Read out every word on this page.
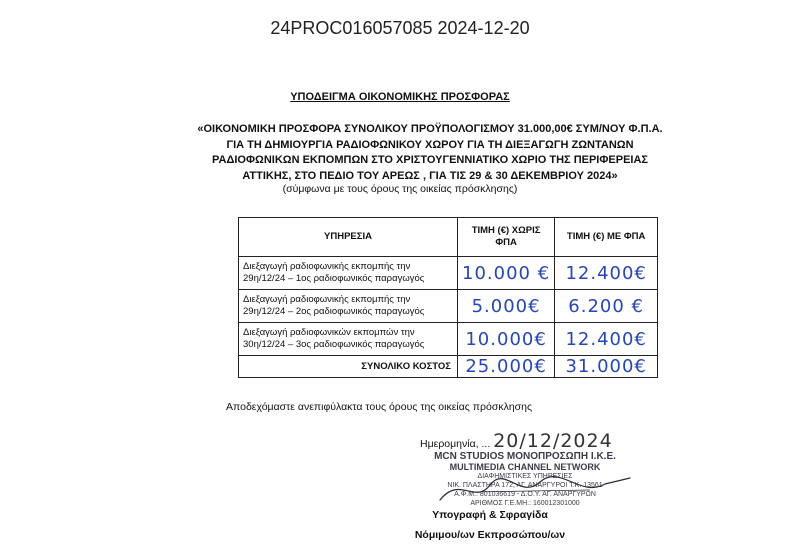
24PROC016057085 2024-12-20
ΥΠΟΔΕΙΓΜΑ ΟΙΚΟΝΟΜΙΚΗΣ ΠΡΟΣΦΟΡΑΣ
«ΟΙΚΟΝΟΜΙΚΗ ΠΡΟΣΦΟΡΑ ΣΥΝΟΛΙΚΟΥ ΠΡΟΫΠΟΛΟΓΙΣΜΟΥ 31.000,00€ ΣΥΜ/ΝΟΥ Φ.Π.Α.
ΓΙΑ ΤΗ ΔΗΜΙΟΥΡΓΙΑ ΡΑΔΙΟΦΩΝΙΚΟΥ ΧΩΡΟΥ ΓΙΑ ΤΗ ΔΙΕΞΑΓΩΓΗ ΖΩΝΤΑΝΩΝ
ΡΑΔΙΟΦΩΝΙΚΩΝ ΕΚΠΟΜΠΩΝ ΣΤΟ ΧΡΙΣΤΟΥΓΕΝΝΙΑΤΙΚΟ ΧΩΡΙΟ ΤΗΣ ΠΕΡΙΦΕΡΕΙΑΣ
ΑΤΤΙΚΗΣ, ΣΤΟ ΠΕΔΙΟ ΤΟΥ ΑΡΕΩΣ , ΓΙΑ ΤΙΣ 29 & 30 ΔΕΚΕΜΒΡΙΟΥ 2024»
(σύμφωνα με τους όρους της οικείας πρόσκλησης)
ΥΠΗΡΕΣΙΑ	ΤΙΜΗ (€) ΧΩΡΙΣ ΦΠΑ	ΤΙΜΗ (€) ΜΕ ΦΠΑ

Διεξαγωγή ραδιοφωνικής εκπομπής την
29η/12/24 – 1ος ραδιοφωνικός παραγωγός	10.000 €	12.400€

Διεξαγωγή ραδιοφωνικής εκπομπής την
29η/12/24 – 2ος ραδιοφωνικός παραγωγός	5.000€	6.200 €

Διεξαγωγή ραδιοφωνικών εκπομπών την
30η/12/24 – 3ος ραδιοφωνικός παραγωγός	10.000€	12.400€
ΣΥΝΟΛΙΚΟ ΚΟΣΤΟΣ	25.000€	31.000€
Αποδεχόμαστε ανεπιφύλακτα τους όρους της οικείας πρόσκλησης
Ημερομηνία, ... 20/12/2024
MCN STUDIOS ΜΟΝΟΠΡΟΣΩΠΗ Ι.Κ.Ε.
MULTIMEDIA CHANNEL NETWORK
ΔΙΑΦΗΜΙΣΤΙΚΕΣ ΥΠΗΡΕΣΙΕΣ
ΝΙΚ. ΠΛΑΣΤΗΡΑ 172, ΑΓ. ΑΝΑΡΓΥΡΟΙ Τ.Κ. 13561
Α.Φ.Μ.: 801036619 - Δ.Ο.Υ. ΑΓ. ΑΝΑΡΓΥΡΩΝ
ΑΡΙΘΜΟΣ Γ.Ε.ΜΗ.: 160012301000
Υπογραφή & Σφραγίδα
Νόμιμου/ων Εκπροσώπου/ων
